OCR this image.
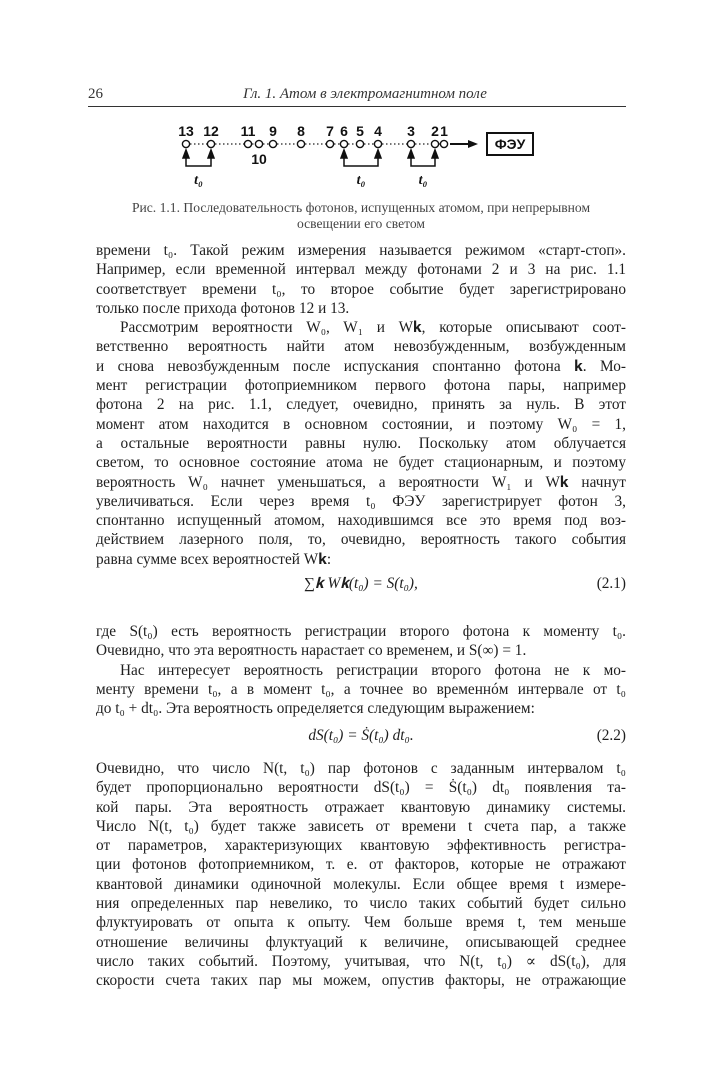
26	Гл. 1. Атом в электромагнитном поле
13 12 11
10
9 8 7 6 5 4 3 2 1
ФЭУ
t₀	t₀	t₀
Рис. 1.1. Последовательность фотонов, испущенных атомом, при непрерывном
освещении его светом
времени t₀. Такой режим измерения называется режимом «старт-стоп».
Например, если временной интервал между фотонами 2 и 3 на рис. 1.1
соответствует времени t₀, то второе событие будет зарегистрировано
только после прихода фотонов 12 и 13.
Рассмотрим вероятности W₀, W₁ и W𝐤, которые описывают соот-
ветственно вероятность найти атом невозбужденным, возбужденным
и снова невозбужденным после испускания спонтанно фотона 𝐤. Мо-
мент регистрации фотоприемником первого фотона пары, например
фотона 2 на рис. 1.1, следует, очевидно, принять за нуль. В этот
момент атом находится в основном состоянии, и поэтому W₀ = 1,
а остальные вероятности равны нулю. Поскольку атом облучается
светом, то основное состояние атома не будет стационарным, и поэтому
вероятность W₀ начнет уменьшаться, а вероятности W₁ и W𝐤 начнут
увеличиваться. Если через время t₀ ФЭУ зарегистрирует фотон 3,
спонтанно испущенный атомом, находившимся все это время под воз-
действием лазерного поля, то, очевидно, вероятность такого события
равна сумме всех вероятностей W𝐤:
∑𝐤 W𝐤(t₀) = S(t₀),	(2.1)
где S(t₀) есть вероятность регистрации второго фотона к моменту t₀.
Очевидно, что эта вероятность нарастает со временем, и S(∞) = 1.
Нас интересует вероятность регистрации второго фотона не к мо-
менту времени t₀, а в момент t₀, а точнее во временнóм интервале от t₀
до t₀ + dt₀. Эта вероятность определяется следующим выражением:
dS(t₀) = Ṡ(t₀) dt₀.	(2.2)
Очевидно, что число N(t, t₀) пар фотонов с заданным интервалом t₀
будет пропорционально вероятности dS(t₀) = Ṡ(t₀) dt₀ появления та-
кой пары. Эта вероятность отражает квантовую динамику системы.
Число N(t, t₀) будет также зависеть от времени t счета пар, а также
от параметров, характеризующих квантовую эффективность регистра-
ции фотонов фотоприемником, т. е. от факторов, которые не отражают
квантовой динамики одиночной молекулы. Если общее время t измере-
ния определенных пар невелико, то число таких событий будет сильно
флуктуировать от опыта к опыту. Чем больше время t, тем меньше
отношение величины флуктуаций к величине, описывающей среднее
число таких событий. Поэтому, учитывая, что N(t, t₀) ∝ dS(t₀), для
скорости счета таких пар мы можем, опустив факторы, не отражающие
